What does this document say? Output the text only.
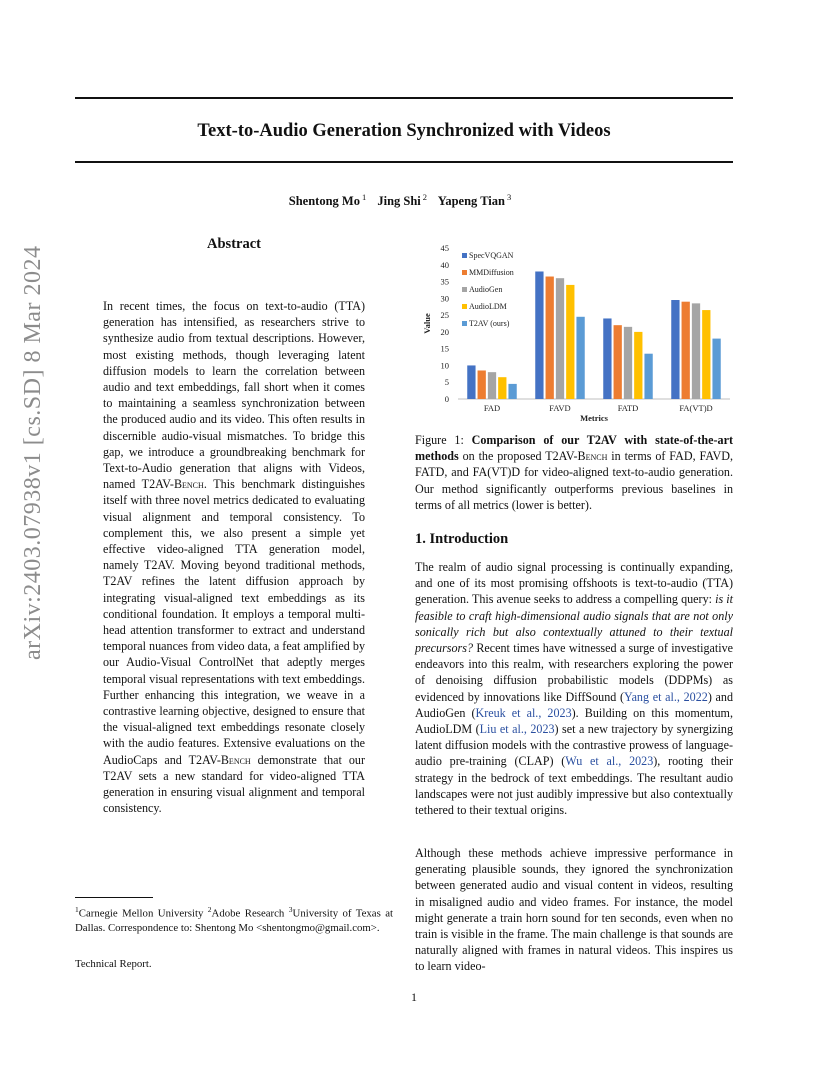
arXiv:2403.07938v1 [cs.SD] 8 Mar 2024
Text-to-Audio Generation Synchronized with Videos
Shentong Mo $^1$ Jing Shi $^2$ Yapeng Tian $^3$
Abstract
In recent times, the focus on text-to-audio (TTA) generation has intensified, as researchers strive to synthesize audio from textual descriptions. However, most existing methods, though leveraging latent diffusion models to learn the correlation between audio and text embeddings, fall short when it comes to maintaining a seamless synchronization between the produced audio and its video. This often results in discernible audio-visual mismatches. To bridge this gap, we introduce a groundbreaking benchmark for Text-to-Audio generation that aligns with Videos, named T2AV-Bench. This benchmark distinguishes itself with three novel metrics dedicated to evaluating visual alignment and temporal consistency. To complement this, we also present a simple yet effective video-aligned TTA generation model, namely T2AV. Moving beyond traditional methods, T2AV refines the latent diffusion approach by integrating visual-aligned text embeddings as its conditional foundation. It employs a temporal multi-head attention transformer to extract and understand temporal nuances from video data, a feat amplified by our Audio-Visual ControlNet that adeptly merges temporal visual representations with text embeddings. Further enhancing this integration, we weave in a contrastive learning objective, designed to ensure that the visual-aligned text embeddings resonate closely with the audio features. Extensive evaluations on the AudioCaps and T2AV-Bench demonstrate that our T2AV sets a new standard for video-aligned TTA generation in ensuring visual alignment and temporal consistency.
$^1$Carnegie Mellon University $^2$Adobe Research $^3$University of Texas at Dallas. Correspondence to: Shentong Mo <shentongmo@gmail.com>.
Technical Report.
0
5
10
15
20
25
30
35
40
45
FAD	FAVD	FATD	FA(VT)D
Metrics
Value
SpecVQGAN
MMDiffusion
AudioGen
AudioLDM
T2AV (ours)
Figure 1: Comparison of our T2AV with state-of-the-art methods on the proposed T2AV-Bench in terms of FAD, FAVD, FATD, and FA(VT)D for video-aligned text-to-audio generation. Our method significantly outperforms previous baselines in terms of all metrics (lower is better).
1. Introduction
The realm of audio signal processing is continually expanding, and one of its most promising offshoots is text-to-audio (TTA) generation. This avenue seeks to address a compelling query: is it feasible to craft high-dimensional audio signals that are not only sonically rich but also contextually attuned to their textual precursors? Recent times have witnessed a surge of investigative endeavors into this realm, with researchers exploring the power of denoising diffusion probabilistic models (DDPMs) as evidenced by innovations like DiffSound (Yang et al., 2022) and AudioGen (Kreuk et al., 2023). Building on this momentum, AudioLDM (Liu et al., 2023) set a new trajectory by synergizing latent diffusion models with the contrastive prowess of language-audio pre-training (CLAP) (Wu et al., 2023), rooting their strategy in the bedrock of text embeddings. The resultant audio landscapes were not just audibly impressive but also contextually tethered to their textual origins.
Although these methods achieve impressive performance in generating plausible sounds, they ignored the synchronization between generated audio and visual content in videos, resulting in misaligned audio and video frames. For instance, the model might generate a train horn sound for ten seconds, even when no train is visible in the frame. The main challenge is that sounds are naturally aligned with frames in natural videos. This inspires us to learn video-
1
